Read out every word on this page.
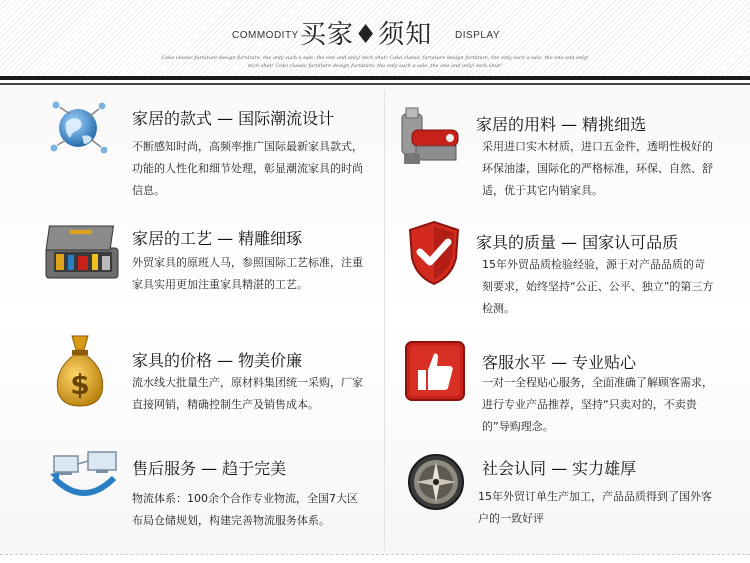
COMMODITY 买家♦须知 DISPLAY
Coko classic furniture design furniture, the only such a sale, the one and only! tech shut! Coko classic furniture design furniture, the only such a sale, the one and only! tech shut! Coko classic furniture design furniture, the only such a sale, the one and only! tech shut!
家居的款式 — 国际潮流设计
不断感知时尚，高频率推广国际最新家具款式，功能的人性化和细节处理，彰显潮流家具的时尚信息。
家居的用料 — 精挑细选
采用进口实木材质，进口五金件，透明性极好的环保油漆，国际化的严格标准，环保、自然、舒适，优于其它内销家具。
家居的工艺 — 精雕细琢
外贸家具的原班人马，参照国际工艺标准，注重家具实用更加注重家具精湛的工艺。
家具的质量 — 国家认可品质
15年外贸品质检验经验，源于对产品品质的苛刻要求，始终坚持“公正、公平、独立”的第三方检测。
$
家具的价格 — 物美价廉
流水线大批量生产，原材料集团统一采购，厂家直接网销，精确控制生产及销售成本。
客服水平 — 专业贴心
一对一全程贴心服务，全面准确了解顾客需求，进行专业产品推荐，坚持“只卖对的，不卖贵的”导购理念。
售后服务 — 趋于完美
物流体系：100余个合作专业物流，全国7大区布局仓储规划，构建完善物流服务体系。
社会认同 — 实力雄厚
15年外贸订单生产加工，产品品质得到了国外客户的一致好评
